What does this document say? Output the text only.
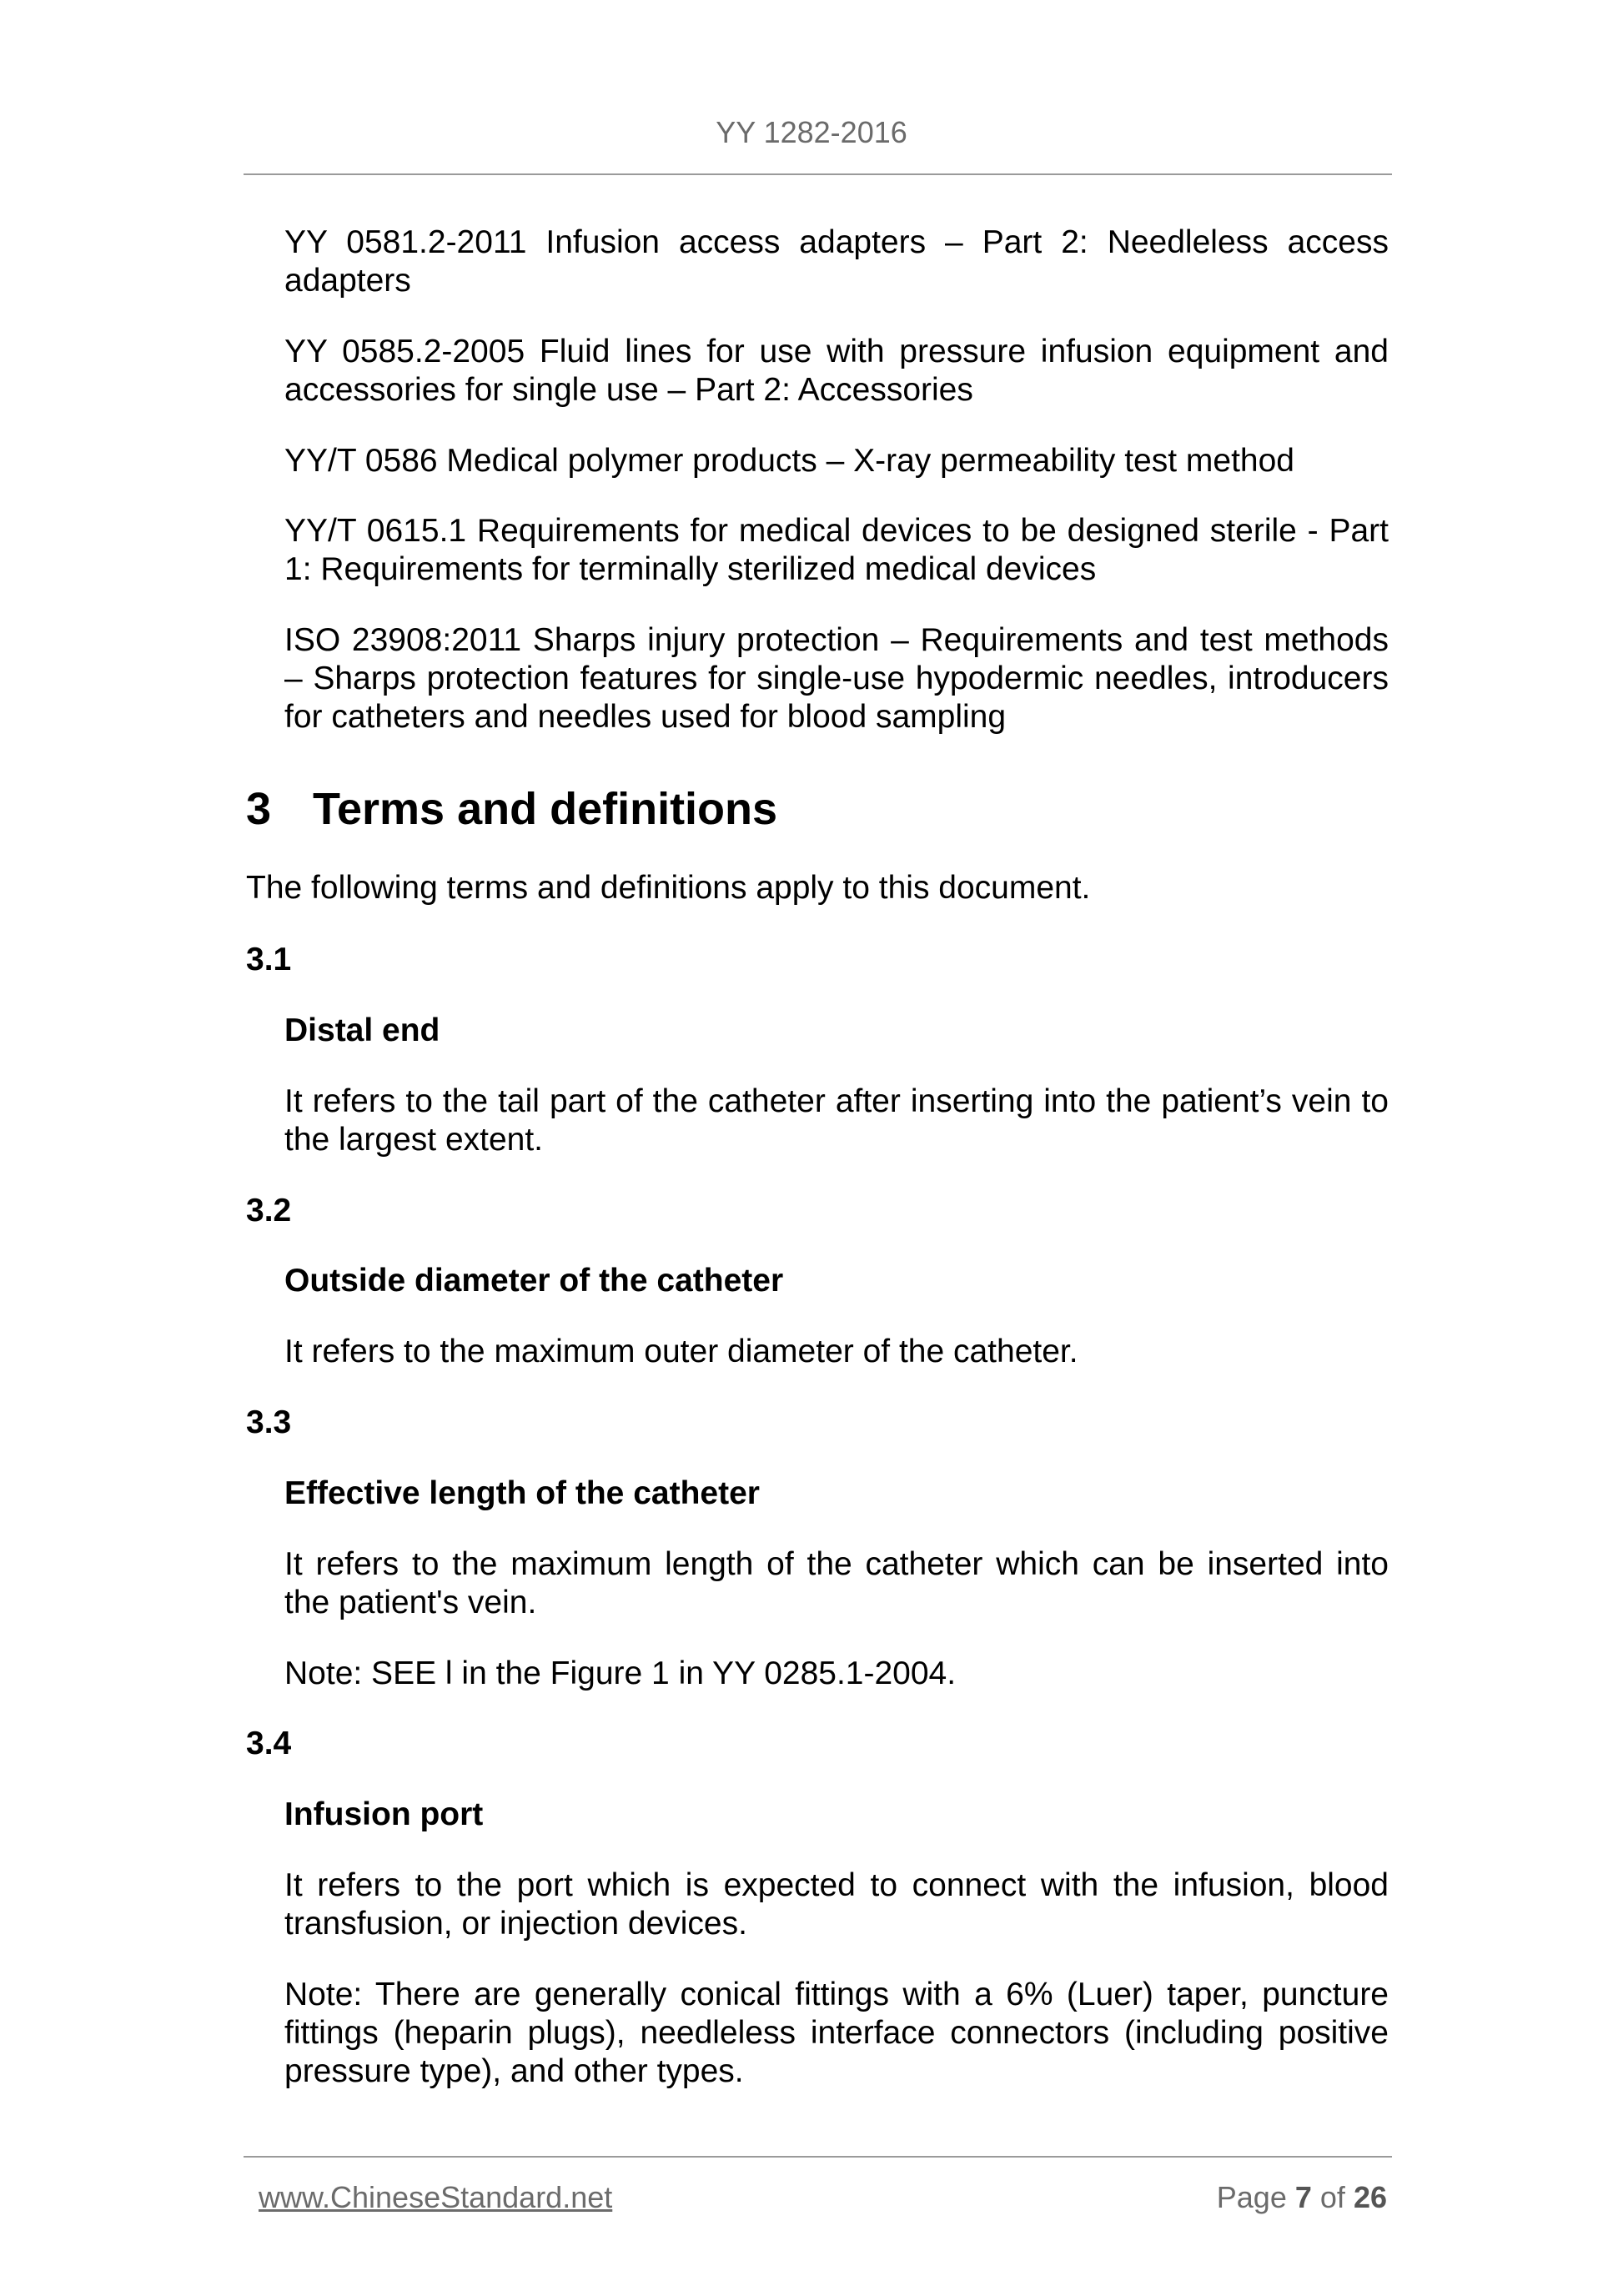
YY 1282-2016
YY 0581.2-2011 Infusion access adapters – Part 2: Needleless access adapters
YY 0585.2-2005 Fluid lines for use with pressure infusion equipment and accessories for single use – Part 2: Accessories
YY/T 0586 Medical polymer products – X-ray permeability test method
YY/T 0615.1 Requirements for medical devices to be designed sterile - Part 1: Requirements for terminally sterilized medical devices
ISO 23908:2011 Sharps injury protection – Requirements and test methods – Sharps protection features for single-use hypodermic needles, introducers for catheters and needles used for blood sampling
3 Terms and definitions
The following terms and definitions apply to this document.
3.1
Distal end
It refers to the tail part of the catheter after inserting into the patient’s vein to the largest extent.
3.2
Outside diameter of the catheter
It refers to the maximum outer diameter of the catheter.
3.3
Effective length of the catheter
It refers to the maximum length of the catheter which can be inserted into the patient's vein.
Note: SEE l in the Figure 1 in YY 0285.1-2004.
3.4
Infusion port
It refers to the port which is expected to connect with the infusion, blood transfusion, or injection devices.
Note: There are generally conical fittings with a 6% (Luer) taper, puncture fittings (heparin plugs), needleless interface connectors (including positive pressure type), and other types.
www.ChineseStandard.net	Page 7 of 26
